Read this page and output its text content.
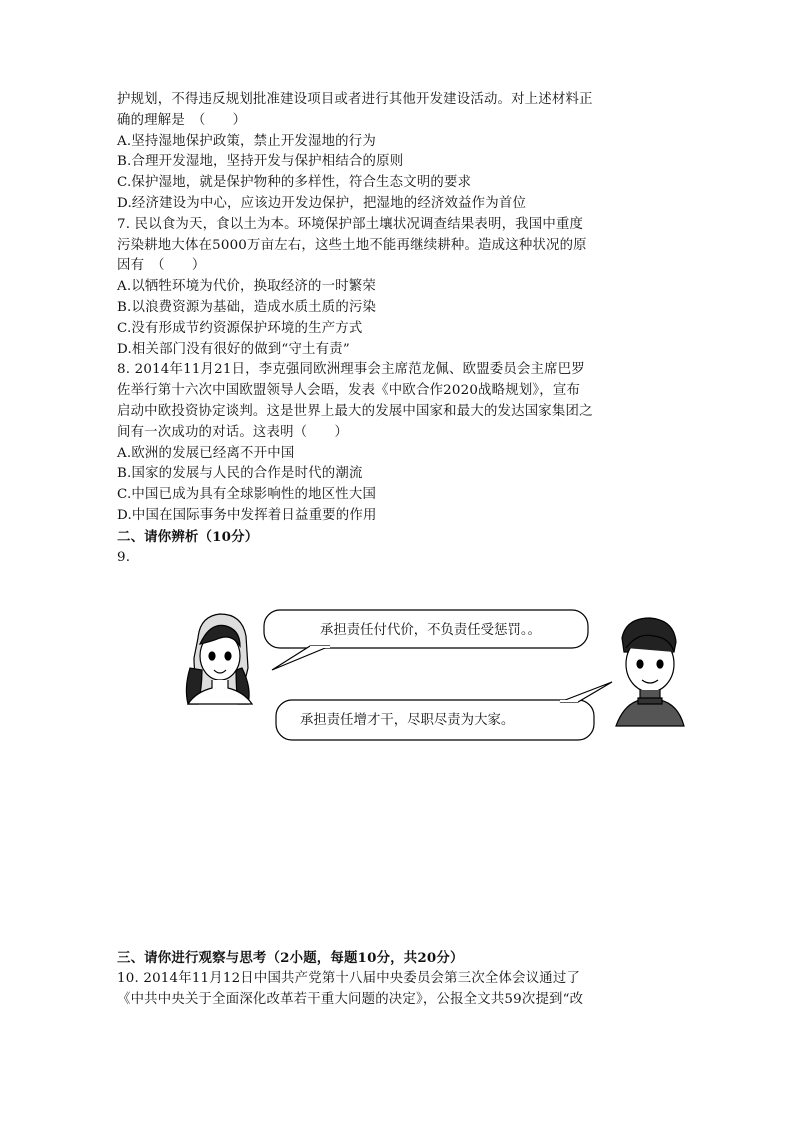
护规划，不得违反规划批准建设项目或者进行其他开发建设活动。对上述材料正
确的理解是　（　　）
A.坚持湿地保护政策，禁止开发湿地的行为
B.合理开发湿地，坚持开发与保护相结合的原则
C.保护湿地，就是保护物种的多样性，符合生态文明的要求
D.经济建设为中心，应该边开发边保护，把湿地的经济效益作为首位
7. 民以食为天，食以土为本。环境保护部土壤状况调查结果表明，我国中重度
污染耕地大体在5000万亩左右，这些土地不能再继续耕种。造成这种状况的原
因有　（　　）
A.以牺牲环境为代价，换取经济的一时繁荣
B.以浪费资源为基础，造成水质土质的污染
C.没有形成节约资源保护环境的生产方式
D.相关部门没有很好的做到“守土有责”
8. 2014年11月21日，李克强同欧洲理事会主席范龙佩、欧盟委员会主席巴罗
佐举行第十六次中国欧盟领导人会晤，发表《中欧合作2020战略规划》，宣布
启动中欧投资协定谈判。这是世界上最大的发展中国家和最大的发达国家集团之
间有一次成功的对话。这表明（　　）
A.欧洲的发展已经离不开中国
B.国家的发展与人民的合作是时代的潮流
C.中国已成为具有全球影响性的地区性大国
D.中国在国际事务中发挥着日益重要的作用
二、请你辨析（10分）
9.
承担责任付代价，不负责任受惩罚。。
承担责任增才干，尽职尽责为大家。
三、请你进行观察与思考（2小题，每题10分，共20分）
10. 2014年11月12日中国共产党第十八届中央委员会第三次全体会议通过了
《中共中央关于全面深化改革若干重大问题的决定》，公报全文共59次提到“改
